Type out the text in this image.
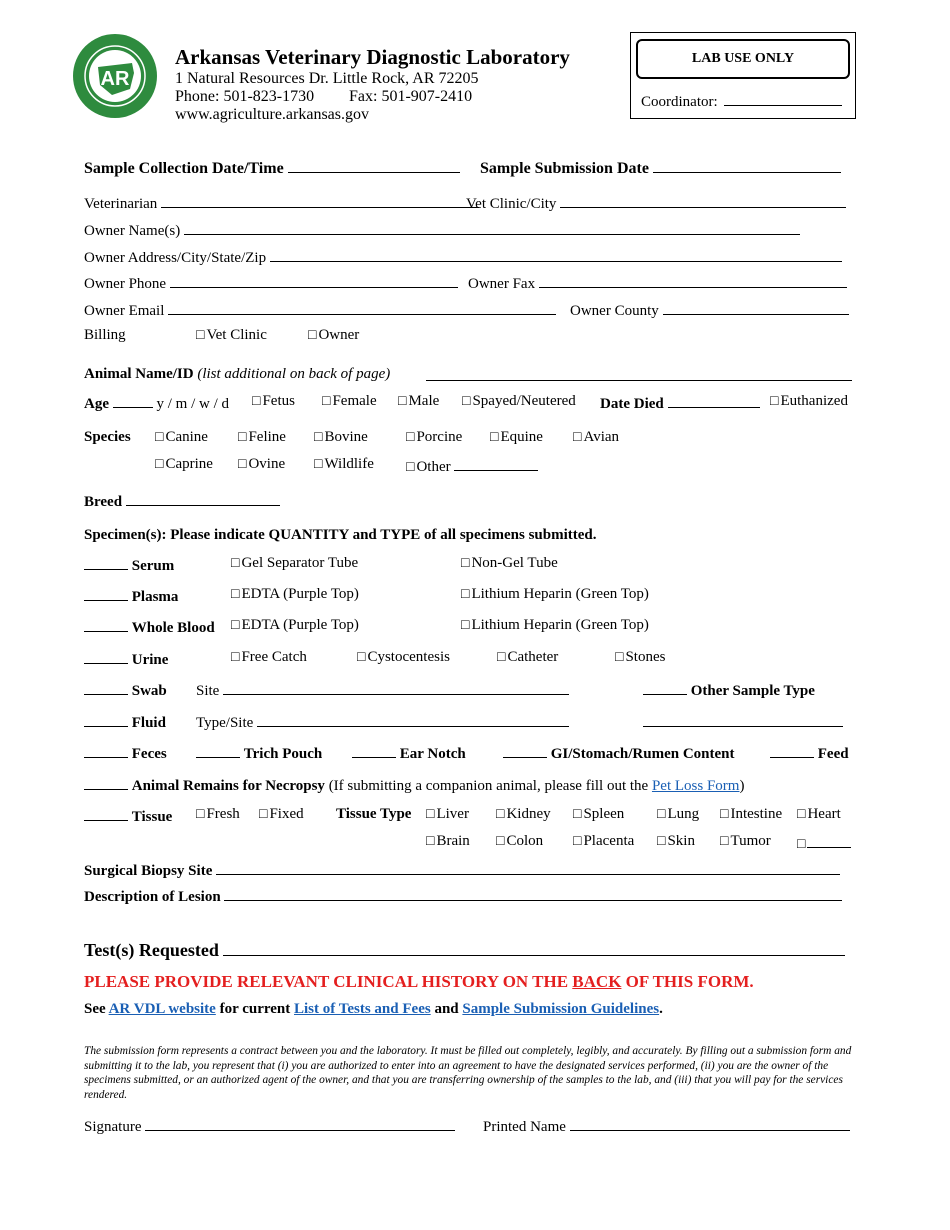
AR
Arkansas Veterinary Diagnostic Laboratory
1 Natural Resources Dr. Little Rock, AR 72205
Phone: 501-823-1730 Fax: 501-907-2410
www.agriculture.arkansas.gov
LAB USE ONLY
Coordinator:
Sample Collection Date/Time	Sample Submission Date
Veterinarian	Vet Clinic/City
Owner Name(s)
Owner Address/City/State/Zip
Owner Phone	Owner Fax
Owner Email	Owner County
Billing	□ Vet Clinic	□ Owner
Animal Name/ID (list additional on back of page)
Age	y / m / w / d □ Fetus □ Female □ Male □ Spayed/Neutered Date Died	□ Euthanized
Species □ Canine □ Feline □ Bovine	□ Porcine □ Equine □ Avian
□ Caprine □ Ovine □ Wildlife □ Other
Breed
Specimen(s): Please indicate QUANTITY and TYPE of all specimens submitted.
Serum	□ Gel Separator Tube	□ Non-Gel Tube
Plasma	□ EDTA (Purple Top)	□ Lithium Heparin (Green Top)
Whole Blood □ EDTA (Purple Top)	□ Lithium Heparin (Green Top)
Urine	□ Free Catch	□ Cystocentesis	□ Catheter	□ Stones
Swab Site	Other Sample Type
Fluid Type/Site
Feces	Trich Pouch	Ear Notch	GI/Stomach/Rumen Content	Feed
Animal Remains for Necropsy (If submitting a companion animal, please fill out the Pet Loss Form)
Tissue □ Fresh □ Fixed Tissue Type □ Liver □ Kidney □ Spleen □ Lung □ Intestine □ Heart
□ Brain □ Colon □ Placenta □ Skin □ Tumor □
Surgical Biopsy Site
Description of Lesion
Test(s) Requested
PLEASE PROVIDE RELEVANT CLINICAL HISTORY ON THE BACK OF THIS FORM.
See AR VDL website for current List of Tests and Fees and Sample Submission Guidelines.
The submission form represents a contract between you and the laboratory. It must be filled out completely, legibly, and accurately. By filling out a submission form and submitting it to the lab, you represent that (i) you are authorized to enter into an agreement to have the designated services performed, (ii) you are the owner of the specimens submitted, or an authorized agent of the owner, and that you are transferring ownership of the samples to the lab, and (iii) that you will pay for the services rendered.
Signature	Printed Name
